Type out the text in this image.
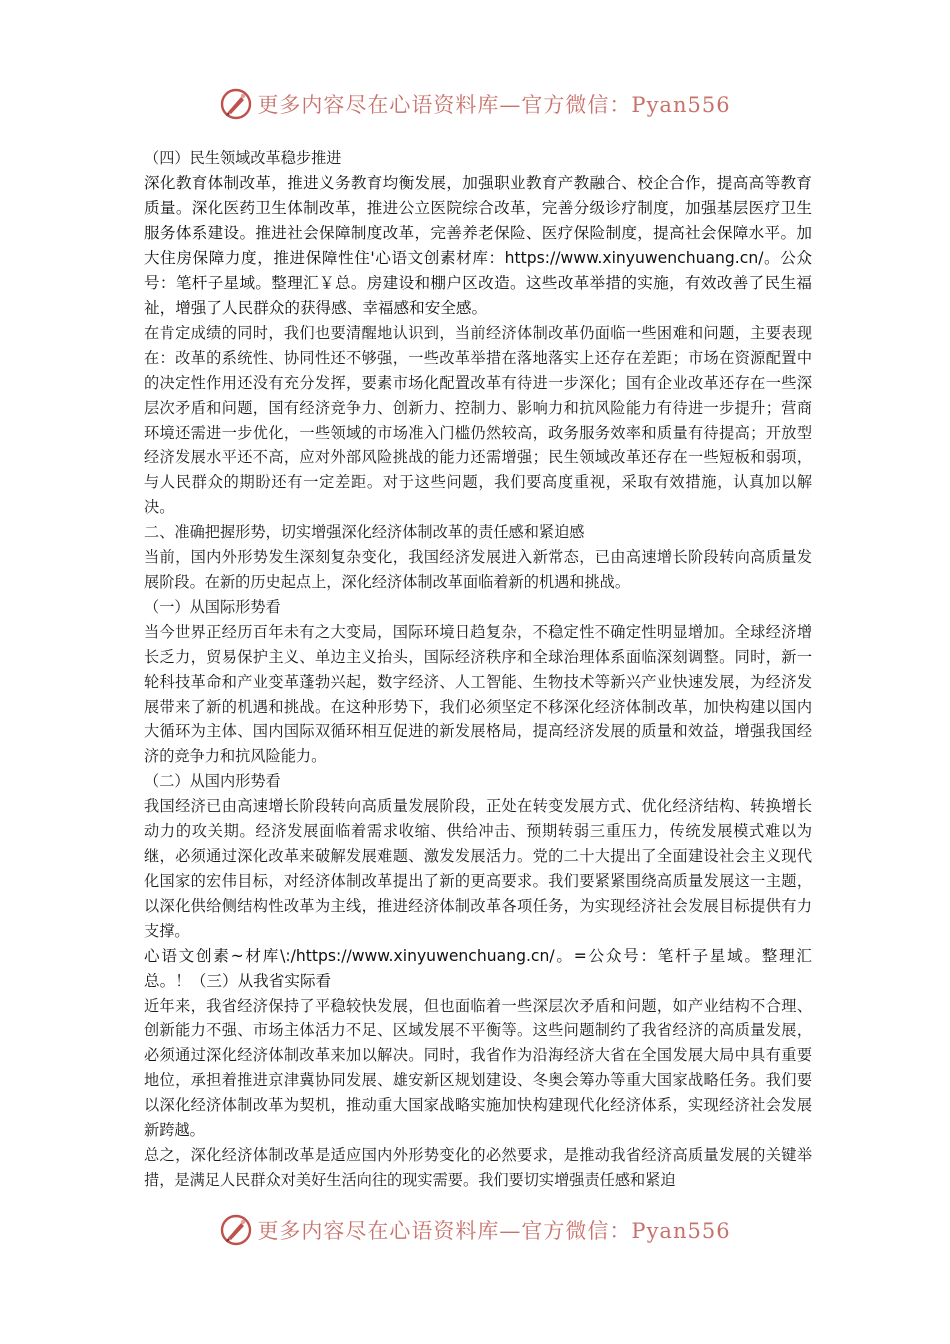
更多内容尽在心语资料库—官方微信：Pyan556

（四）民生领域改革稳步推进

深化教育体制改革，推进义务教育均衡发展，加强职业教育产教融合、校企合作，提高高等教育质量。深化医药卫生体制改革，推进公立医院综合改革，完善分级诊疗制度，加强基层医疗卫生服务体系建设。推进社会保障制度改革，完善养老保险、医疗保险制度，提高社会保障水平。加大住房保障力度，推进保障性住'心语文创素材库：https://www.xinyuwenchuang.cn/。公众号：笔杆子星域。整理汇￥总。房建设和棚户区改造。这些改革举措的实施，有效改善了民生福祉，增强了人民群众的获得感、幸福感和安全感。

在肯定成绩的同时，我们也要清醒地认识到，当前经济体制改革仍面临一些困难和问题，主要表现在：改革的系统性、协同性还不够强，一些改革举措在落地落实上还存在差距；市场在资源配置中的决定性作用还没有充分发挥，要素市场化配置改革有待进一步深化；国有企业改革还存在一些深层次矛盾和问题，国有经济竞争力、创新力、控制力、影响力和抗风险能力有待进一步提升；营商环境还需进一步优化，一些领域的市场准入门槛仍然较高，政务服务效率和质量有待提高；开放型经济发展水平还不高，应对外部风险挑战的能力还需增强；民生领域改革还存在一些短板和弱项，与人民群众的期盼还有一定差距。对于这些问题，我们要高度重视，采取有效措施，认真加以解决。

二、准确把握形势，切实增强深化经济体制改革的责任感和紧迫感

当前，国内外形势发生深刻复杂变化，我国经济发展进入新常态，已由高速增长阶段转向高质量发展阶段。在新的历史起点上，深化经济体制改革面临着新的机遇和挑战。

（一）从国际形势看

当今世界正经历百年未有之大变局，国际环境日趋复杂，不稳定性不确定性明显增加。全球经济增长乏力，贸易保护主义、单边主义抬头，国际经济秩序和全球治理体系面临深刻调整。同时，新一轮科技革命和产业变革蓬勃兴起，数字经济、人工智能、生物技术等新兴产业快速发展，为经济发展带来了新的机遇和挑战。在这种形势下，我们必须坚定不移深化经济体制改革，加快构建以国内大循环为主体、国内国际双循环相互促进的新发展格局，提高经济发展的质量和效益，增强我国经济的竞争力和抗风险能力。

（二）从国内形势看

我国经济已由高速增长阶段转向高质量发展阶段，正处在转变发展方式、优化经济结构、转换增长动力的攻关期。经济发展面临着需求收缩、供给冲击、预期转弱三重压力，传统发展模式难以为继，必须通过深化改革来破解发展难题、激发发展活力。党的二十大提出了全面建设社会主义现代化国家的宏伟目标，对经济体制改革提出了新的更高要求。我们要紧紧围绕高质量发展这一主题，以深化供给侧结构性改革为主线，推进经济体制改革各项任务，为实现经济社会发展目标提供有力支撑。

心语文创素~材库\:/https://www.xinyuwenchuang.cn/。=公众号：笔杆子星域。整理汇总。！（三）从我省实际看

近年来，我省经济保持了平稳较快发展，但也面临着一些深层次矛盾和问题，如产业结构不合理、创新能力不强、市场主体活力不足、区域发展不平衡等。这些问题制约了我省经济的高质量发展，必须通过深化经济体制改革来加以解决。同时，我省作为沿海经济大省在全国发展大局中具有重要地位，承担着推进京津冀协同发展、雄安新区规划建设、冬奥会筹办等重大国家战略任务。我们要以深化经济体制改革为契机，推动重大国家战略实施加快构建现代化经济体系，实现经济社会发展新跨越。

总之，深化经济体制改革是适应国内外形势变化的必然要求，是推动我省经济高质量发展的关键举措，是满足人民群众对美好生活向往的现实需要。我们要切实增强责任感和紧迫

更多内容尽在心语资料库—官方微信：Pyan556
